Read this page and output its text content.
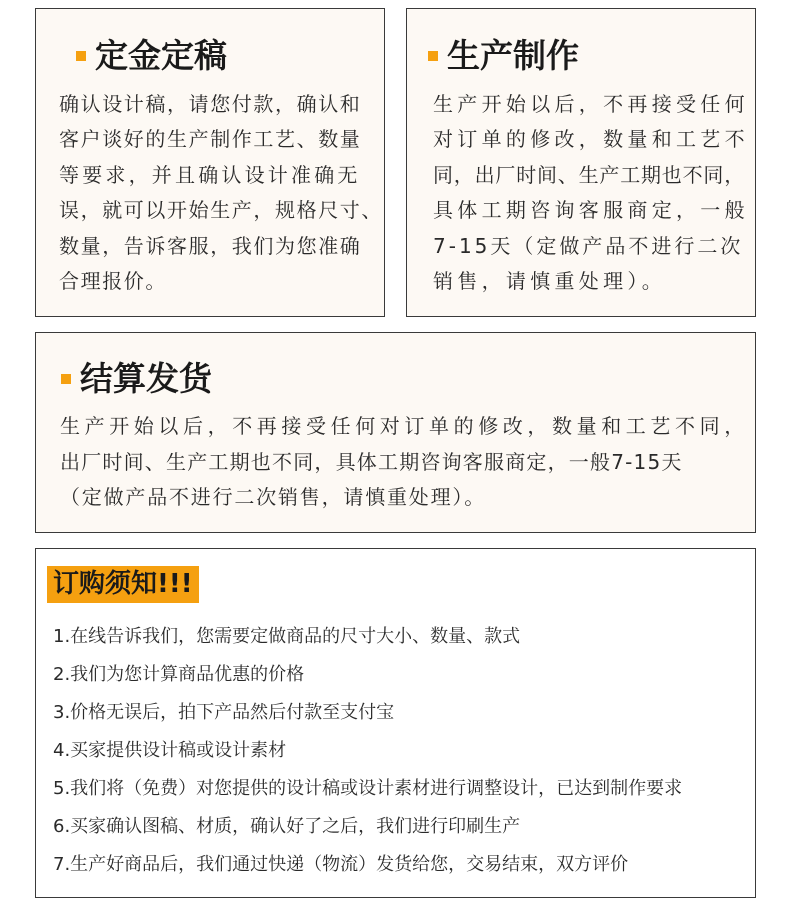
定金定稿
确认设计稿，请您付款，确认和
客户谈好的生产制作工艺、数量
等要求，并且确认设计准确无
误，就可以开始生产，规格尺寸、
数量，告诉客服，我们为您准确
合理报价。
生产制作
生产开始以后，不再接受任何
对订单的修改，数量和工艺不
同，出厂时间、生产工期也不同，
具体工期咨询客服商定，一般
7-15天（定做产品不进行二次
销售，请慎重处理）。
结算发货
生产开始以后，不再接受任何对订单的修改，数量和工艺不同，
出厂时间、生产工期也不同，具体工期咨询客服商定，一般7-15天
（定做产品不进行二次销售，请慎重处理）。
订购须知!!!
1.在线告诉我们，您需要定做商品的尺寸大小、数量、款式
2.我们为您计算商品优惠的价格
3.价格无误后，拍下产品然后付款至支付宝
4.买家提供设计稿或设计素材
5.我们将（免费）对您提供的设计稿或设计素材进行调整设计，已达到制作要求
6.买家确认图稿、材质，确认好了之后，我们进行印刷生产
7.生产好商品后，我们通过快递（物流）发货给您，交易结束，双方评价
